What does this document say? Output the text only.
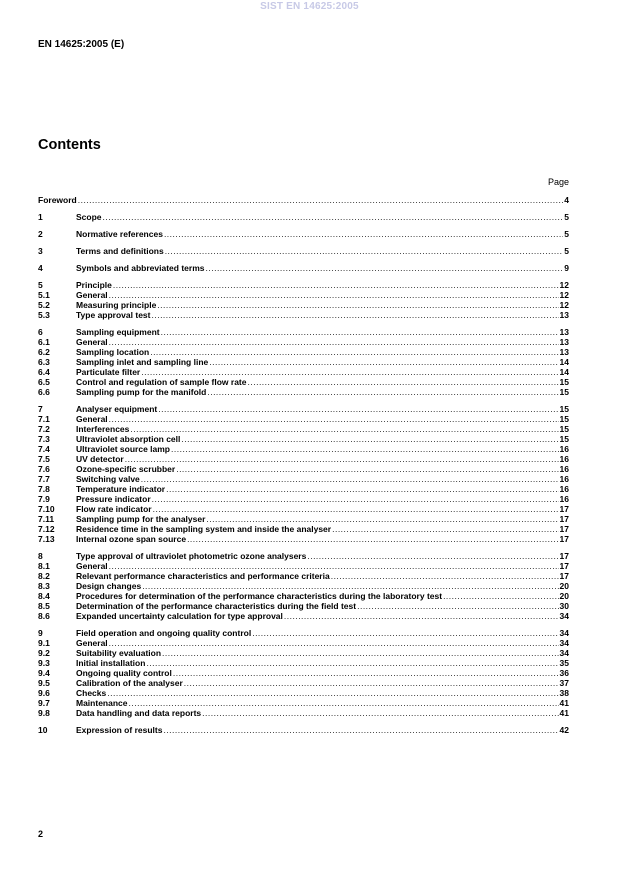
SIST EN 14625:2005
EN 14625:2005 (E)
Contents
Page
Foreword .....	4
1	Scope .....	5
2	Normative references .....	5
3	Terms and definitions .....	5
4	Symbols and abbreviated terms .....	9
5	Principle .....	12
5.1	General .....	12
5.2	Measuring principle .....	12
5.3	Type approval test .....	13
6	Sampling equipment .....	13
6.1	General .....	13
6.2	Sampling location .....	13
6.3	Sampling inlet and sampling line .....	14
6.4	Particulate filter .....	14
6.5	Control and regulation of sample flow rate .....	15
6.6	Sampling pump for the manifold .....	15
7	Analyser equipment .....	15
7.1	General .....	15
7.2	Interferences .....	15
7.3	Ultraviolet absorption cell .....	15
7.4	Ultraviolet source lamp .....	16
7.5	UV detector .....	16
7.6	Ozone-specific scrubber .....	16
7.7	Switching valve .....	16
7.8	Temperature indicator .....	16
7.9	Pressure indicator .....	16
7.10	Flow rate indicator .....	17
7.11	Sampling pump for the analyser .....	17
7.12	Residence time in the sampling system and inside the analyser .....	17
7.13	Internal ozone span source .....	17
8	Type approval of ultraviolet photometric ozone analysers .....	17
8.1	General .....	17
8.2	Relevant performance characteristics and performance criteria .....	17
8.3	Design changes .....	20
8.4	Procedures for determination of the performance characteristics during the laboratory test .....	20
8.5	Determination of the performance characteristics during the field test .....	30
8.6	Expanded uncertainty calculation for type approval .....	34
9	Field operation and ongoing quality control .....	34
9.1	General .....	34
9.2	Suitability evaluation .....	34
9.3	Initial installation .....	35
9.4	Ongoing quality control .....	36
9.5	Calibration of the analyser .....	37
9.6	Checks .....	38
9.7	Maintenance .....	41
9.8	Data handling and data reports .....	41
10	Expression of results .....	42
2
